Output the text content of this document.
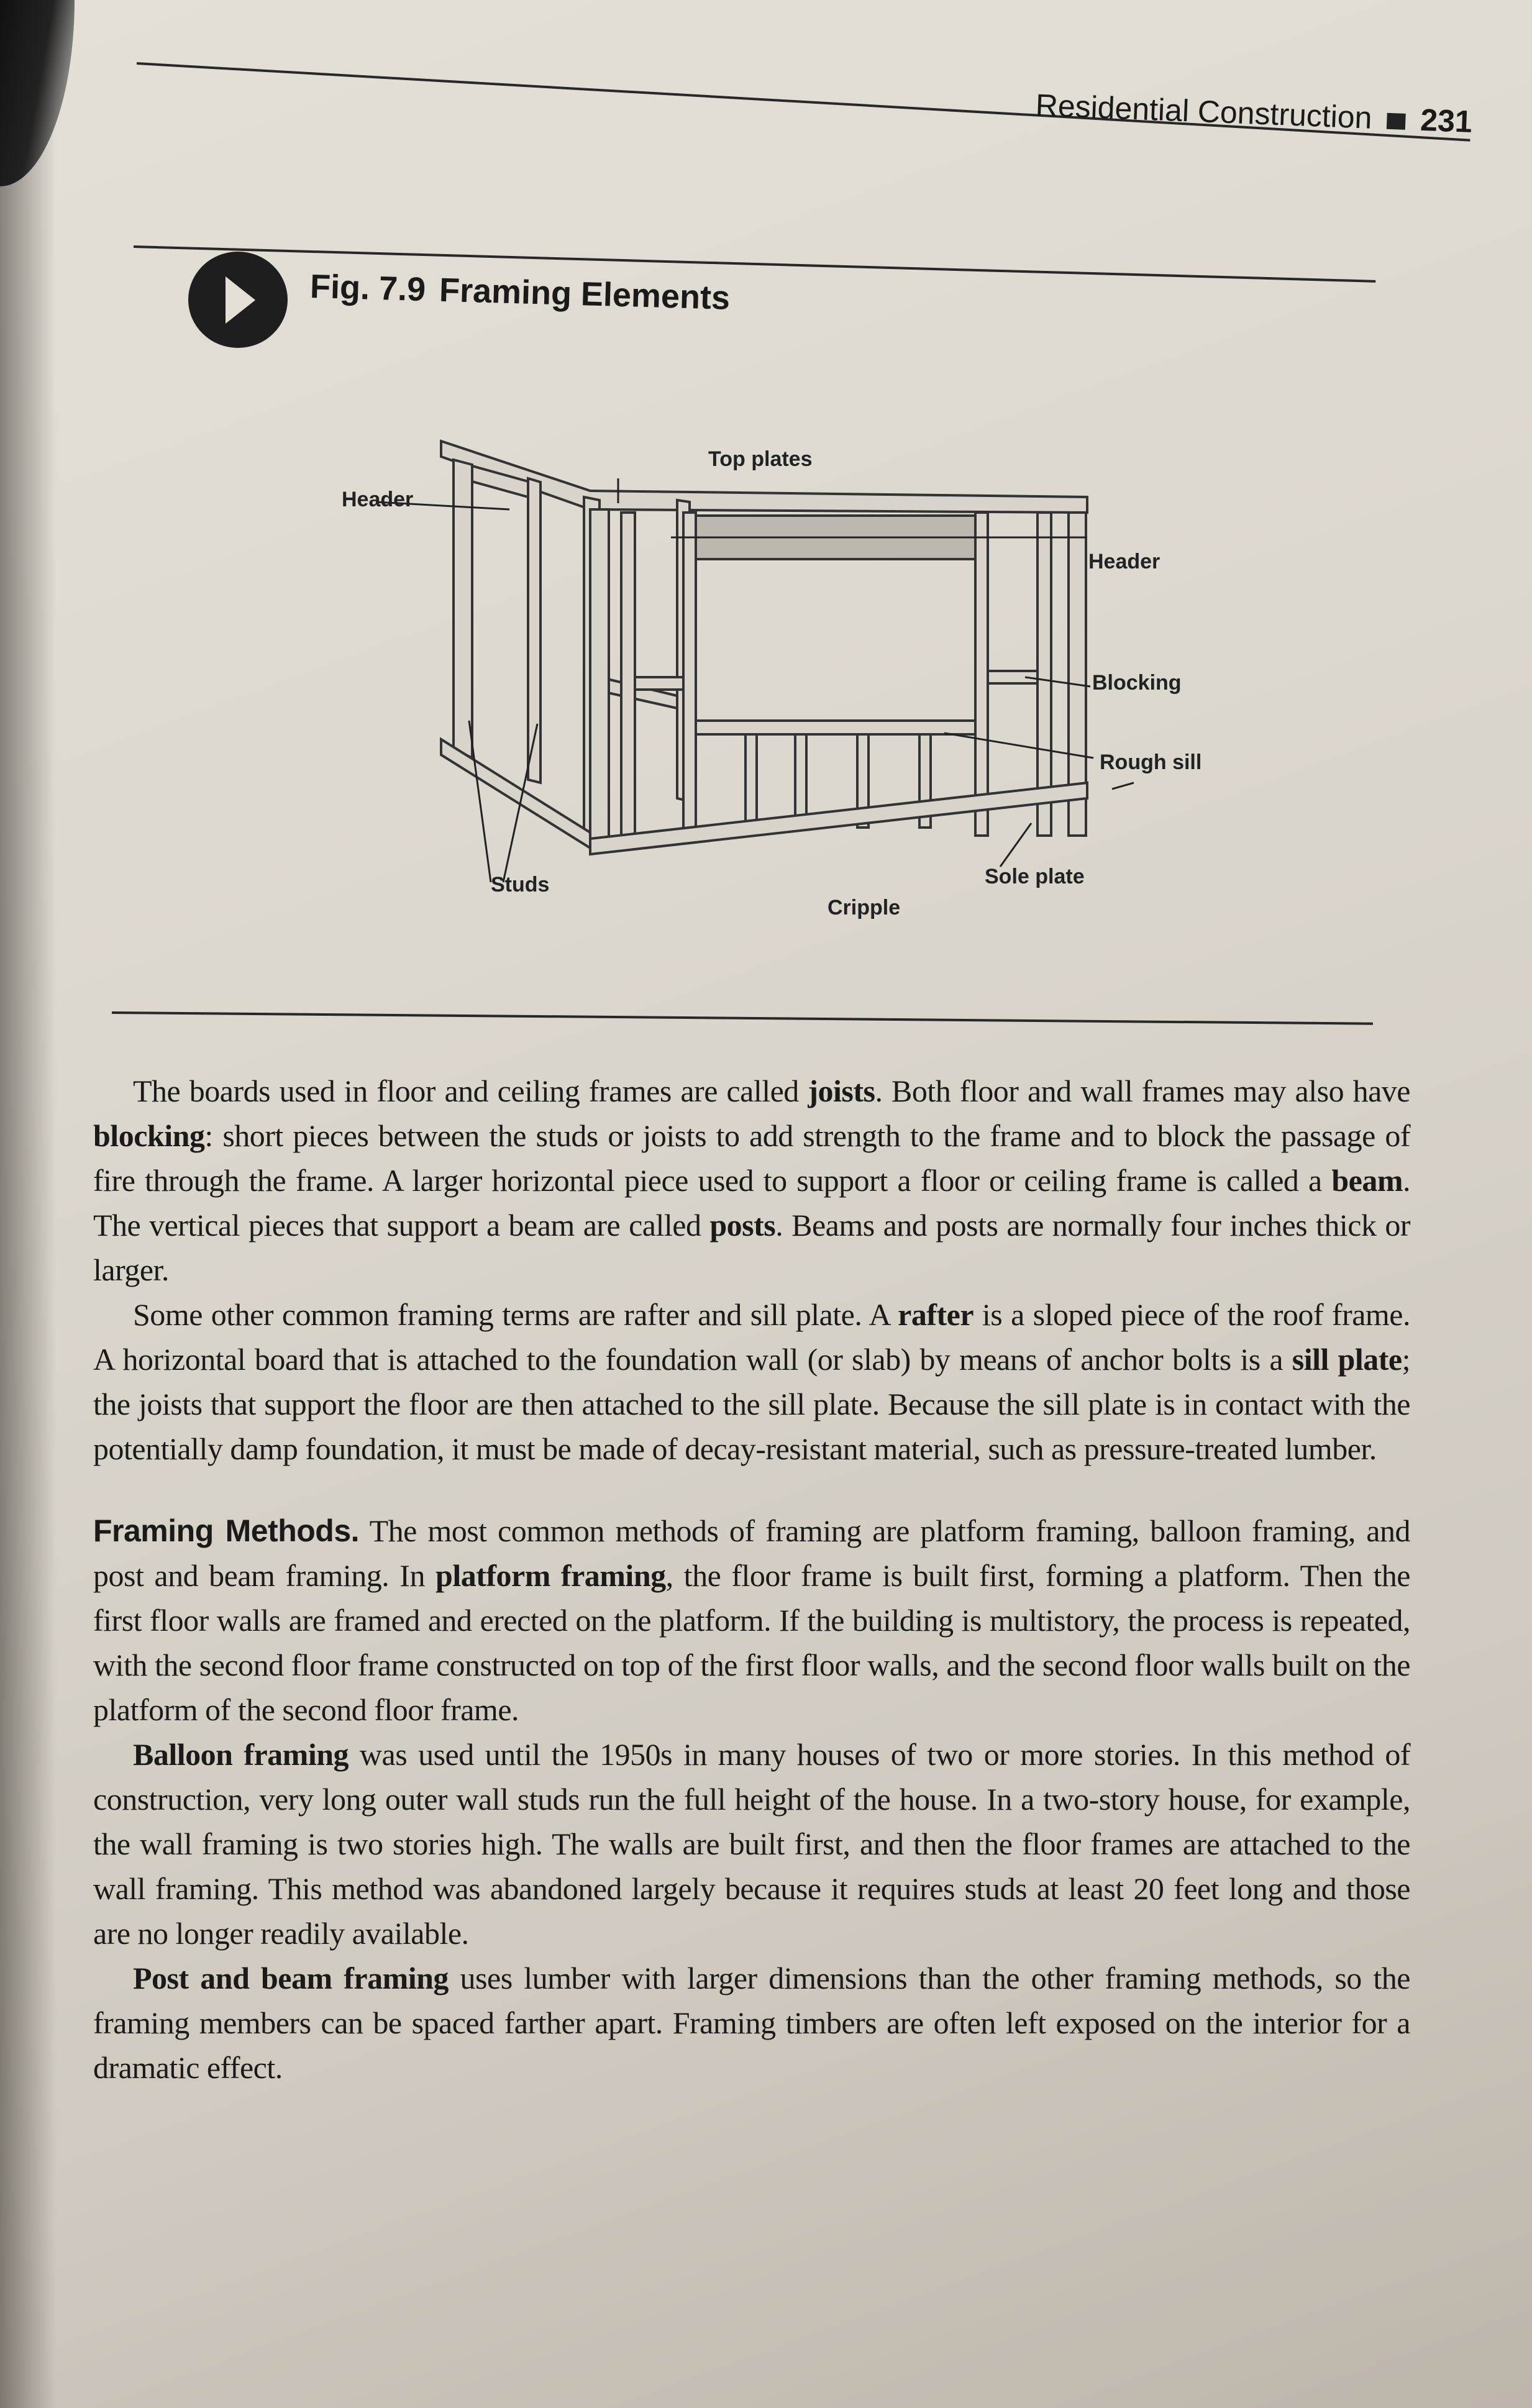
Residential Construction 231
Fig. 7.9 Framing Elements
Top plates
Header
Header
Blocking
Rough sill
Studs
Cripple
Sole plate

The boards used in floor and ceiling frames are called joists. Both floor and wall frames may also have blocking: short pieces between the studs or joists to add strength to the frame and to block the passage of fire through the frame. A larger horizontal piece used to support a floor or ceiling frame is called a beam. The vertical pieces that support a beam are called posts. Beams and posts are normally four inches thick or larger.

Some other common framing terms are rafter and sill plate. A rafter is a sloped piece of the roof frame. A horizontal board that is attached to the foundation wall (or slab) by means of anchor bolts is a sill plate; the joists that support the floor are then attached to the sill plate. Because the sill plate is in contact with the potentially damp foundation, it must be made of decay-resistant material, such as pressure-treated lumber.

Framing Methods. The most common methods of framing are platform framing, balloon framing, and post and beam framing. In platform framing, the floor frame is built first, forming a platform. Then the first floor walls are framed and erected on the platform. If the building is multistory, the process is repeated, with the second floor frame constructed on top of the first floor walls, and the second floor walls built on the platform of the second floor frame.

Balloon framing was used until the 1950s in many houses of two or more stories. In this method of construction, very long outer wall studs run the full height of the house. In a two-story house, for example, the wall framing is two stories high. The walls are built first, and then the floor frames are attached to the wall framing. This method was abandoned largely because it requires studs at least 20 feet long and those are no longer readily available.

Post and beam framing uses lumber with larger dimensions than the other framing methods, so the framing members can be spaced farther apart. Framing timbers are often left exposed on the interior for a dramatic effect.
